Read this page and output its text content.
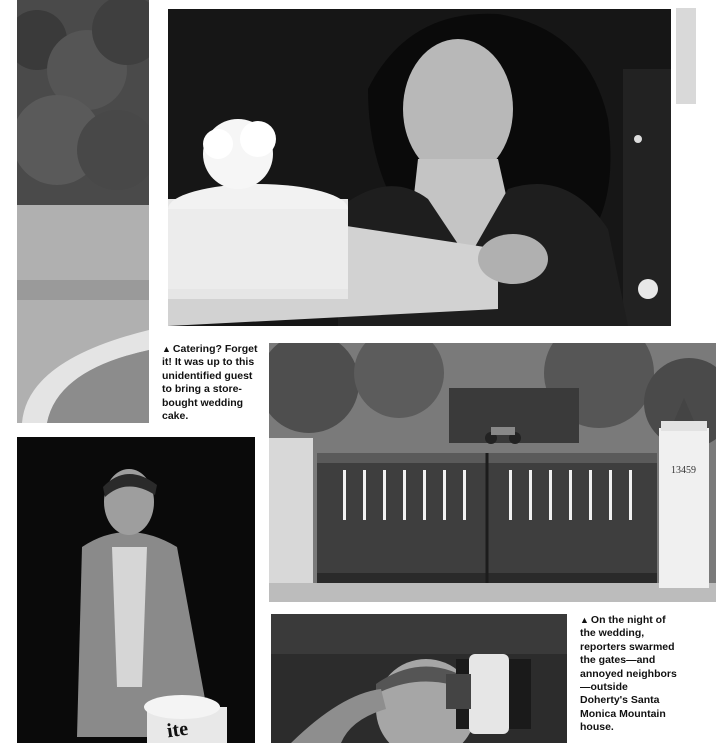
▲ Catering? Forget it! It was up to this unidentified guest to bring a store-bought wedding cake.
13459
ite
▲ On the night of the wedding, reporters swarmed the gates—and annoyed neighbors—outside Doherty's Santa Monica Mountain house.
